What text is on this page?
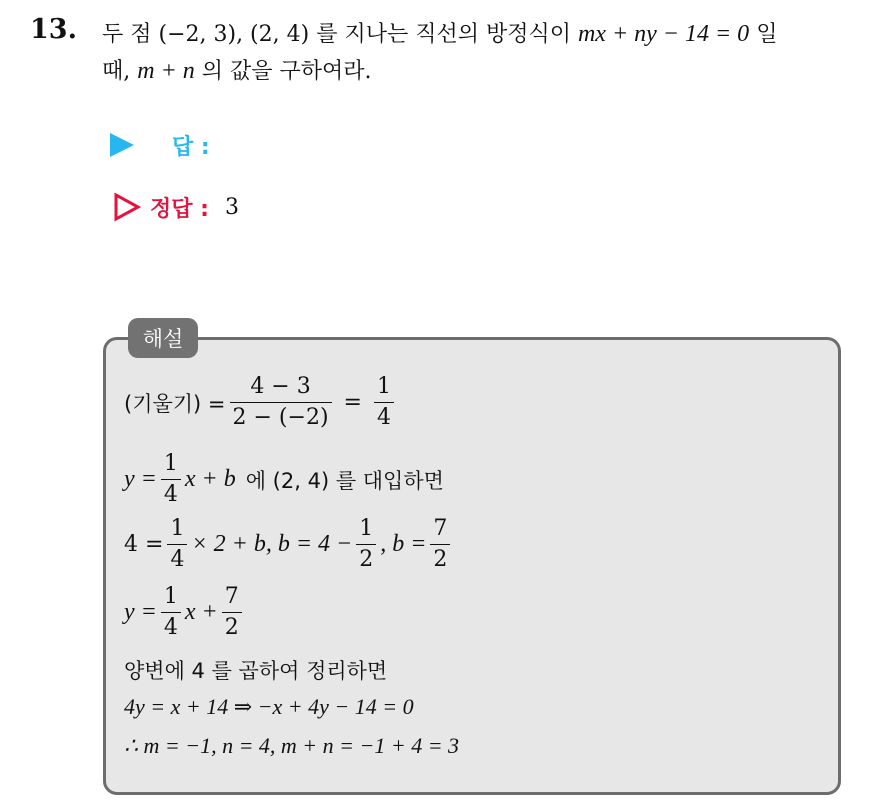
13. 두 점 (−2, 3), (2, 4) 를 지나는 직선의 방정식이 mx + ny − 14 = 0 일
때, m + n 의 값을 구하여라.
답 :
정답 : 3
해설
(기울기) = $\frac{4 - 3}{2 - (-2)} = \frac{1}{4}$
$y = \frac{1}{4}$ x + b 에 (2, 4) 를 대입하면
$4 = \frac{1}{4} \times 2 + b$, $b = 4 - \frac{1}{2}$ , $b = \frac{7}{2}$
$y = \frac{1}{4}$ $x + \frac{7}{2}$
양변에 4 를 곱하여 정리하면
4y = x + 14 ⇒ −x + 4y − 14 = 0
∴ m = −1, n = 4, m + n = −1 + 4 = 3
